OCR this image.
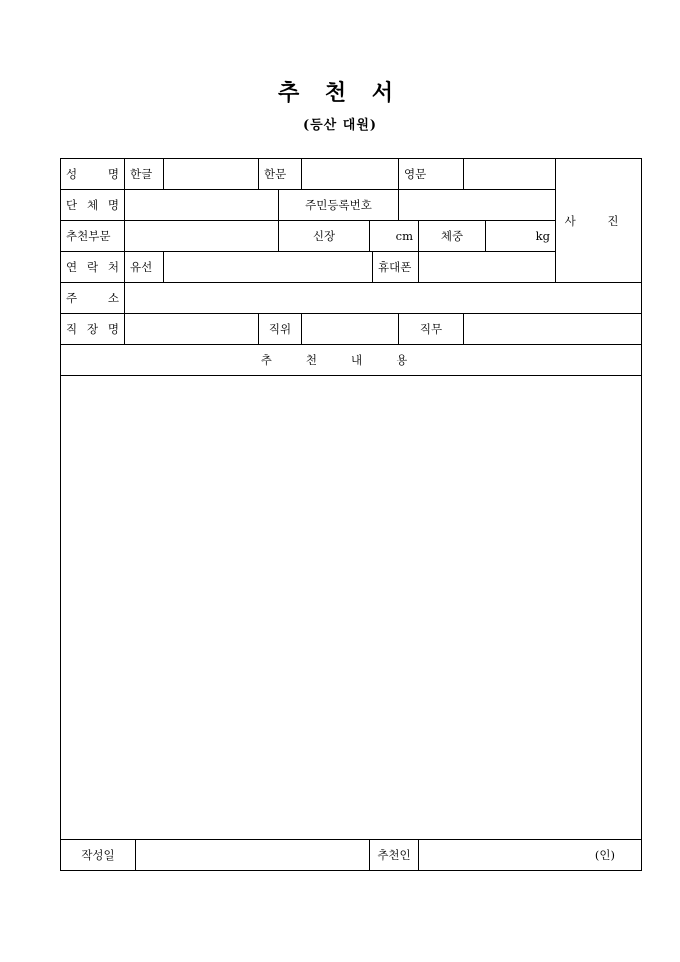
추 천 서
(등산 대원)
성 명	한글			한문					영문				사 진
단 체 명					주민등록번호								
추천부문					신장		cm			체중		kg	
연 락 처	유선							휴대폰					
주 소													
직 장 명				직위					직무				
추천내용													

작성일							추천인			(인)			
